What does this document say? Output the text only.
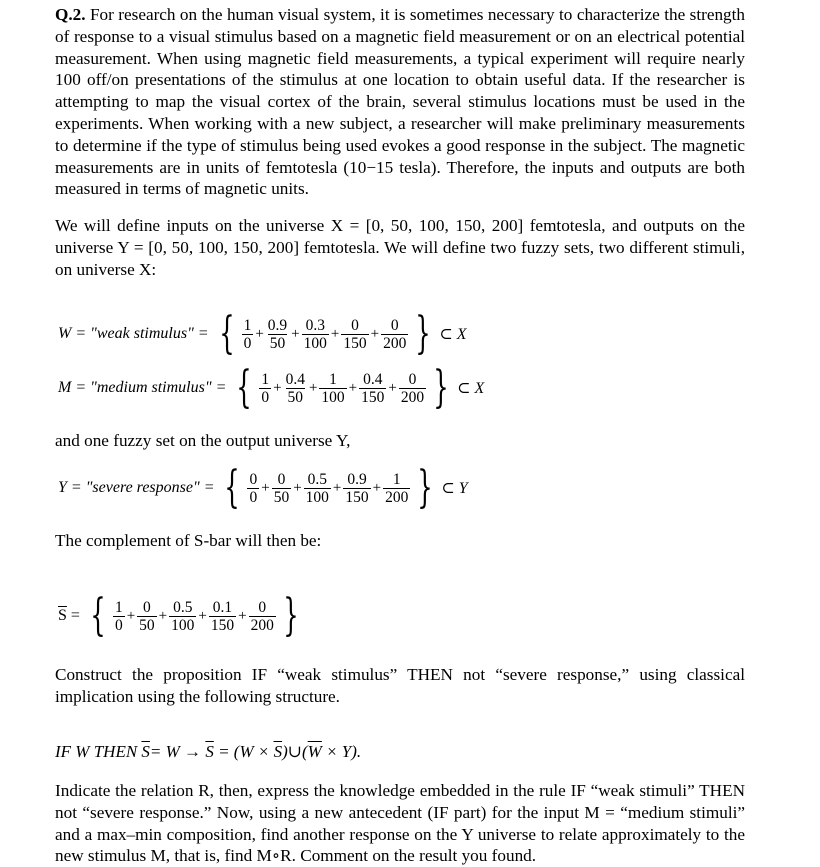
Q.2. For research on the human visual system, it is sometimes necessary to characterize the strength of response to a visual stimulus based on a magnetic field measurement or on an electrical potential measurement. When using magnetic field measurements, a typical experiment will require nearly 100 off/on presentations of the stimulus at one location to obtain useful data. If the researcher is attempting to map the visual cortex of the brain, several stimulus locations must be used in the experiments. When working with a new subject, a researcher will make preliminary measurements to determine if the type of stimulus being used evokes a good response in the subject. The magnetic measurements are in units of femtotesla (10−15 tesla). Therefore, the inputs and outputs are both measured in terms of magnetic units.
We will define inputs on the universe X = [0, 50, 100, 150, 200] femtotesla, and outputs on the universe Y = [0, 50, 100, 150, 200] femtotesla. We will define two fuzzy sets, two different stimuli, on universe X:
W = "weak stimulus" = { $\frac{1}{0} + \frac{0.9}{50} + \frac{0.3}{100} + \frac{0}{150} + \frac{0}{200}$ } ⊂ X
M = "medium stimulus" = { $\frac{1}{0} + \frac{0.4}{50} + \frac{1}{100} + \frac{0.4}{150} + \frac{0}{200}$ } ⊂ X
and one fuzzy set on the output universe Y,
Y = "severe response" = { $\frac{0}{0} + \frac{0}{50} + \frac{0.5}{100} + \frac{0.9}{150} + \frac{1}{200}$ } ⊂ Y
The complement of S-bar will then be:
$\overline{S}$ = { $\frac{1}{0} + \frac{0}{50} + \frac{0.5}{100} + \frac{0.1}{150} + \frac{0}{200}$ }
Construct the proposition IF “weak stimulus” THEN not “severe response,” using classical implication using the following structure.
IF W THEN $\overline{S}= W \to \overline{S} = (W$ × $\overline{S})\cup(\overline{W} \times Y)$.
Indicate the relation R, then, express the knowledge embedded in the rule IF “weak stimuli” THEN not “severe response.” Now, using a new antecedent (IF part) for the input M = “medium stimuli” and a max–min composition, find another response on the Y universe to relate approximately to the new stimulus M, that is, find M∘R. Comment on the result you found.
